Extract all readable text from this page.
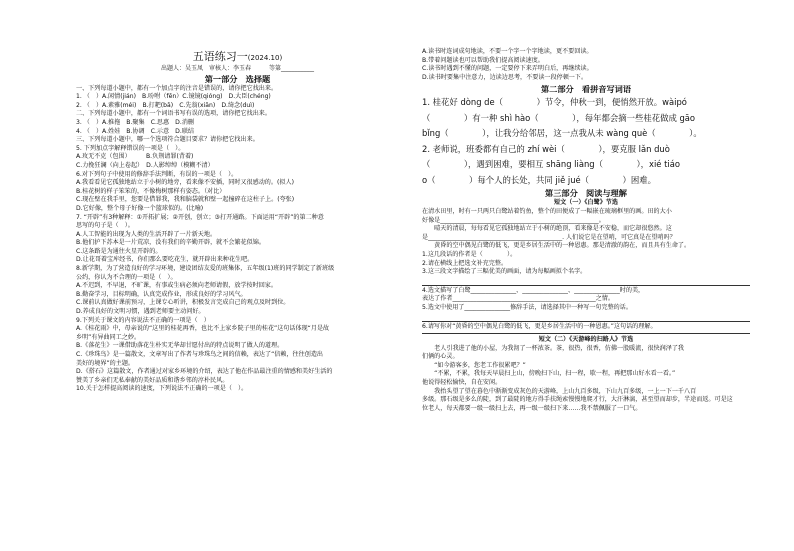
五语练习一(2024.10)
出题人：吴玉凤　审核人：李玉春　　　等第___________
第一部分　选择题
一、下列每道小题中，都有一个加点字的注音是错误的，请你把它找出来。
1. （　）A.闲情(jián)　B.吩咐（fēn）C.镜镜(qióng)　D.大臣(chéng)
2. （　）A.素雅(méi)　B.打耙(bā)　C.先翁(xiān)　D.绮念(duì)
二、下列每道小题中，都有一个词语书写有误的选项，请你把它找出来。
3. （　）A.推拖　B.聚集　C.思惠　D.消删
4. （　）A.姓娃　B.协调　C.示意　D.联结
三、下列每道小题中，哪一个选项符合题目要求？请你把它找出来。
5. 下列加点字解释错误的一项是（　）。
A.玫无不克（包围）　　　B.负荆请罪(背着)
C.力挽狂澜（向上卷起）　D.人影绰绰（模糊不清）
6.对下列句子中使用的修辞手法判断，有误的一项是（　）。
A.我看看见它孤独地站立于小树的地旁，看来像不安插，同时又很感动的。(拟人)
B.桂花树的样子笨笨的，不像梅树那样有姿态。（对比）
C.现在壁在我手里，您要是借罪我，我和脑袋就和壁一起撞碎在这柱子上。(夸张)
D.它好像，整个母子好像一个篮球似的。(比喻)
7. “开辟”有3种解释：①开拓扩展；②开创，创立；③打开通路。下面运用“开辟”的第二种意
思写的句子是（　）。
A.人工智能的出现为人类的生活开辟了一片新天地。
B.他们护下苏本是一片荒凉，没有我们的辛勤开辟，就不会繁花似锦。
C.这条路是为通往火星开辟的。
D.让花哥着宝库经书，你们那么要吃花生，就开辟出来种花生吧。
8.新学期，为了营造良好的学习环境，建设团结友爱的班集体，五年级(1)班的同学制定了新班级
公约，你认为不合理的一项是（　）。
A.不迟到，不早退，不旷课，有事或生病必须向老师请假，放学按时回家。
B.勤奋学习，目标明确，认真完成作业，形成良好的学习风气。
C.课前认真做好课前预习，上课专心听讲，积极发言完成自己的观点及时到位。
D.养成良好的文明习惯，遇到老师要主动问好。
9.下列关于课文的内容说法不正确的一项是（　）
A.《桂花雨》中，母亲说的“这里的桂花再香，也比不上家乡院子里的桂花”这句话体现“月是故
乡明”有异曲同工之妙。
B.《落花生》一课借助落花生朴实无华却甘愿付出的特点说明了做人的道理。
C.《珍珠鸟》是一篇散文，文章写出了作者与珍珠鸟之间的信赖，表达了“信赖，往往创造出
美好的境界”的主题。
D.《搭石》这篇散文，作者通过对家乡环境的介绍，表达了他在作品最注重的情感和美好生活的
赞美了乡亲们无私奉献的美好品质和谐乡邻的淳朴民风。
10.关于怎样提高阅读的速度，下列说法不正确的一项是（　）。
A.读书时连词成句地读，不要一个字一个字地读，更不要回读。
B.带着问题读也可以帮助我们提高阅读速度。
C.读书时遇到不懂的问题，一定要停下来弄明白后，再继续读。
D.读书时要集中注意力，边读边思考，不要读一段停顿一下。
第二部分　看拼音写词语
1. 桂花好 dòng de（　　　　）节令，仲秋一到，便悄然开放。wàipó
（　　　　）有一种 shì hào（　　　　），每年都会摘一些桂花做成 gāo
bǐng（　　　　），让我分给邻居，这一点我从未 wàng què（　　　　）。
2. 老师说，班委都有自己的 zhí wèi（　　　　），要克服 lǎn duò
（　　　　），遇到困难，要相互 shāng liàng（　　　　），xié tiáo
o（　　　　）每个人的长处，共同 jiě jué（　　　　）困难。
第三部分　阅读与理解
短文（一）《白鹭》节选
在清水田里，时有一只两只白鹭站着钓鱼，整个的田便成了一幅嵌在琉璃框里的画。田的大小
好像是____________________________________________________。
　　晴天的清晨，每每看见它孤独地站立于小树的绝顶，看来像是不安稳，而它却很悠然。这
是____________________________________________. 人们说它是在望哨，可它真是在望哨吗？
　　黄昏的空中偶见白鹭的低飞，更是乡居生活中的一种恩惠。那是清澈的韵在，而且具有生命了。
1.这几段话的作者是（　　　　）。
2.请在横线上把选文补充完整。
3.这三段文字描绘了三幅优美的画面，请为每幅画拟个名字。
4.选文描写了白鹭_______________、_______________、_______________时的美，
表达了作者_______________________________________________之情。
5.选文中使用了_______________修辞手法，请选择其中一种写一句完整的话。
6.请写你对“黄昏的空中偶见白鹭的低飞，更是乡居生活中的一种恩惠。”这句话的理解。
短文（二）《天游峰的扫路人》节选
　　老人引我进了他的小屋，为我沏了一杯浓茶。茶，很热，很香，仿佛一股暖流，很快润泽了我
们俩的心灵。
　　“如今游客多，您老工作很累吧？”
　　“不累，不累，我每天早晨扫上山，傍晚扫下山，扫一程，歇一程，再把那山好水看一看。”
他说得轻松愉快，自在安闲。
　　我抬头望了望在暮色中渐渐变成灰色的天游峰，上山九百多级，下山九百多级，一上一下一千八百
多级。那石级是多么的陡，到了最陡的地方得手扶绳索慢慢地爬才行，大汗淋漓，甚至望而却步，半途而返。可是这
位老人，每天都要一级一级扫上去，再一级一级扫下来……我不禁佩服了一口气。
